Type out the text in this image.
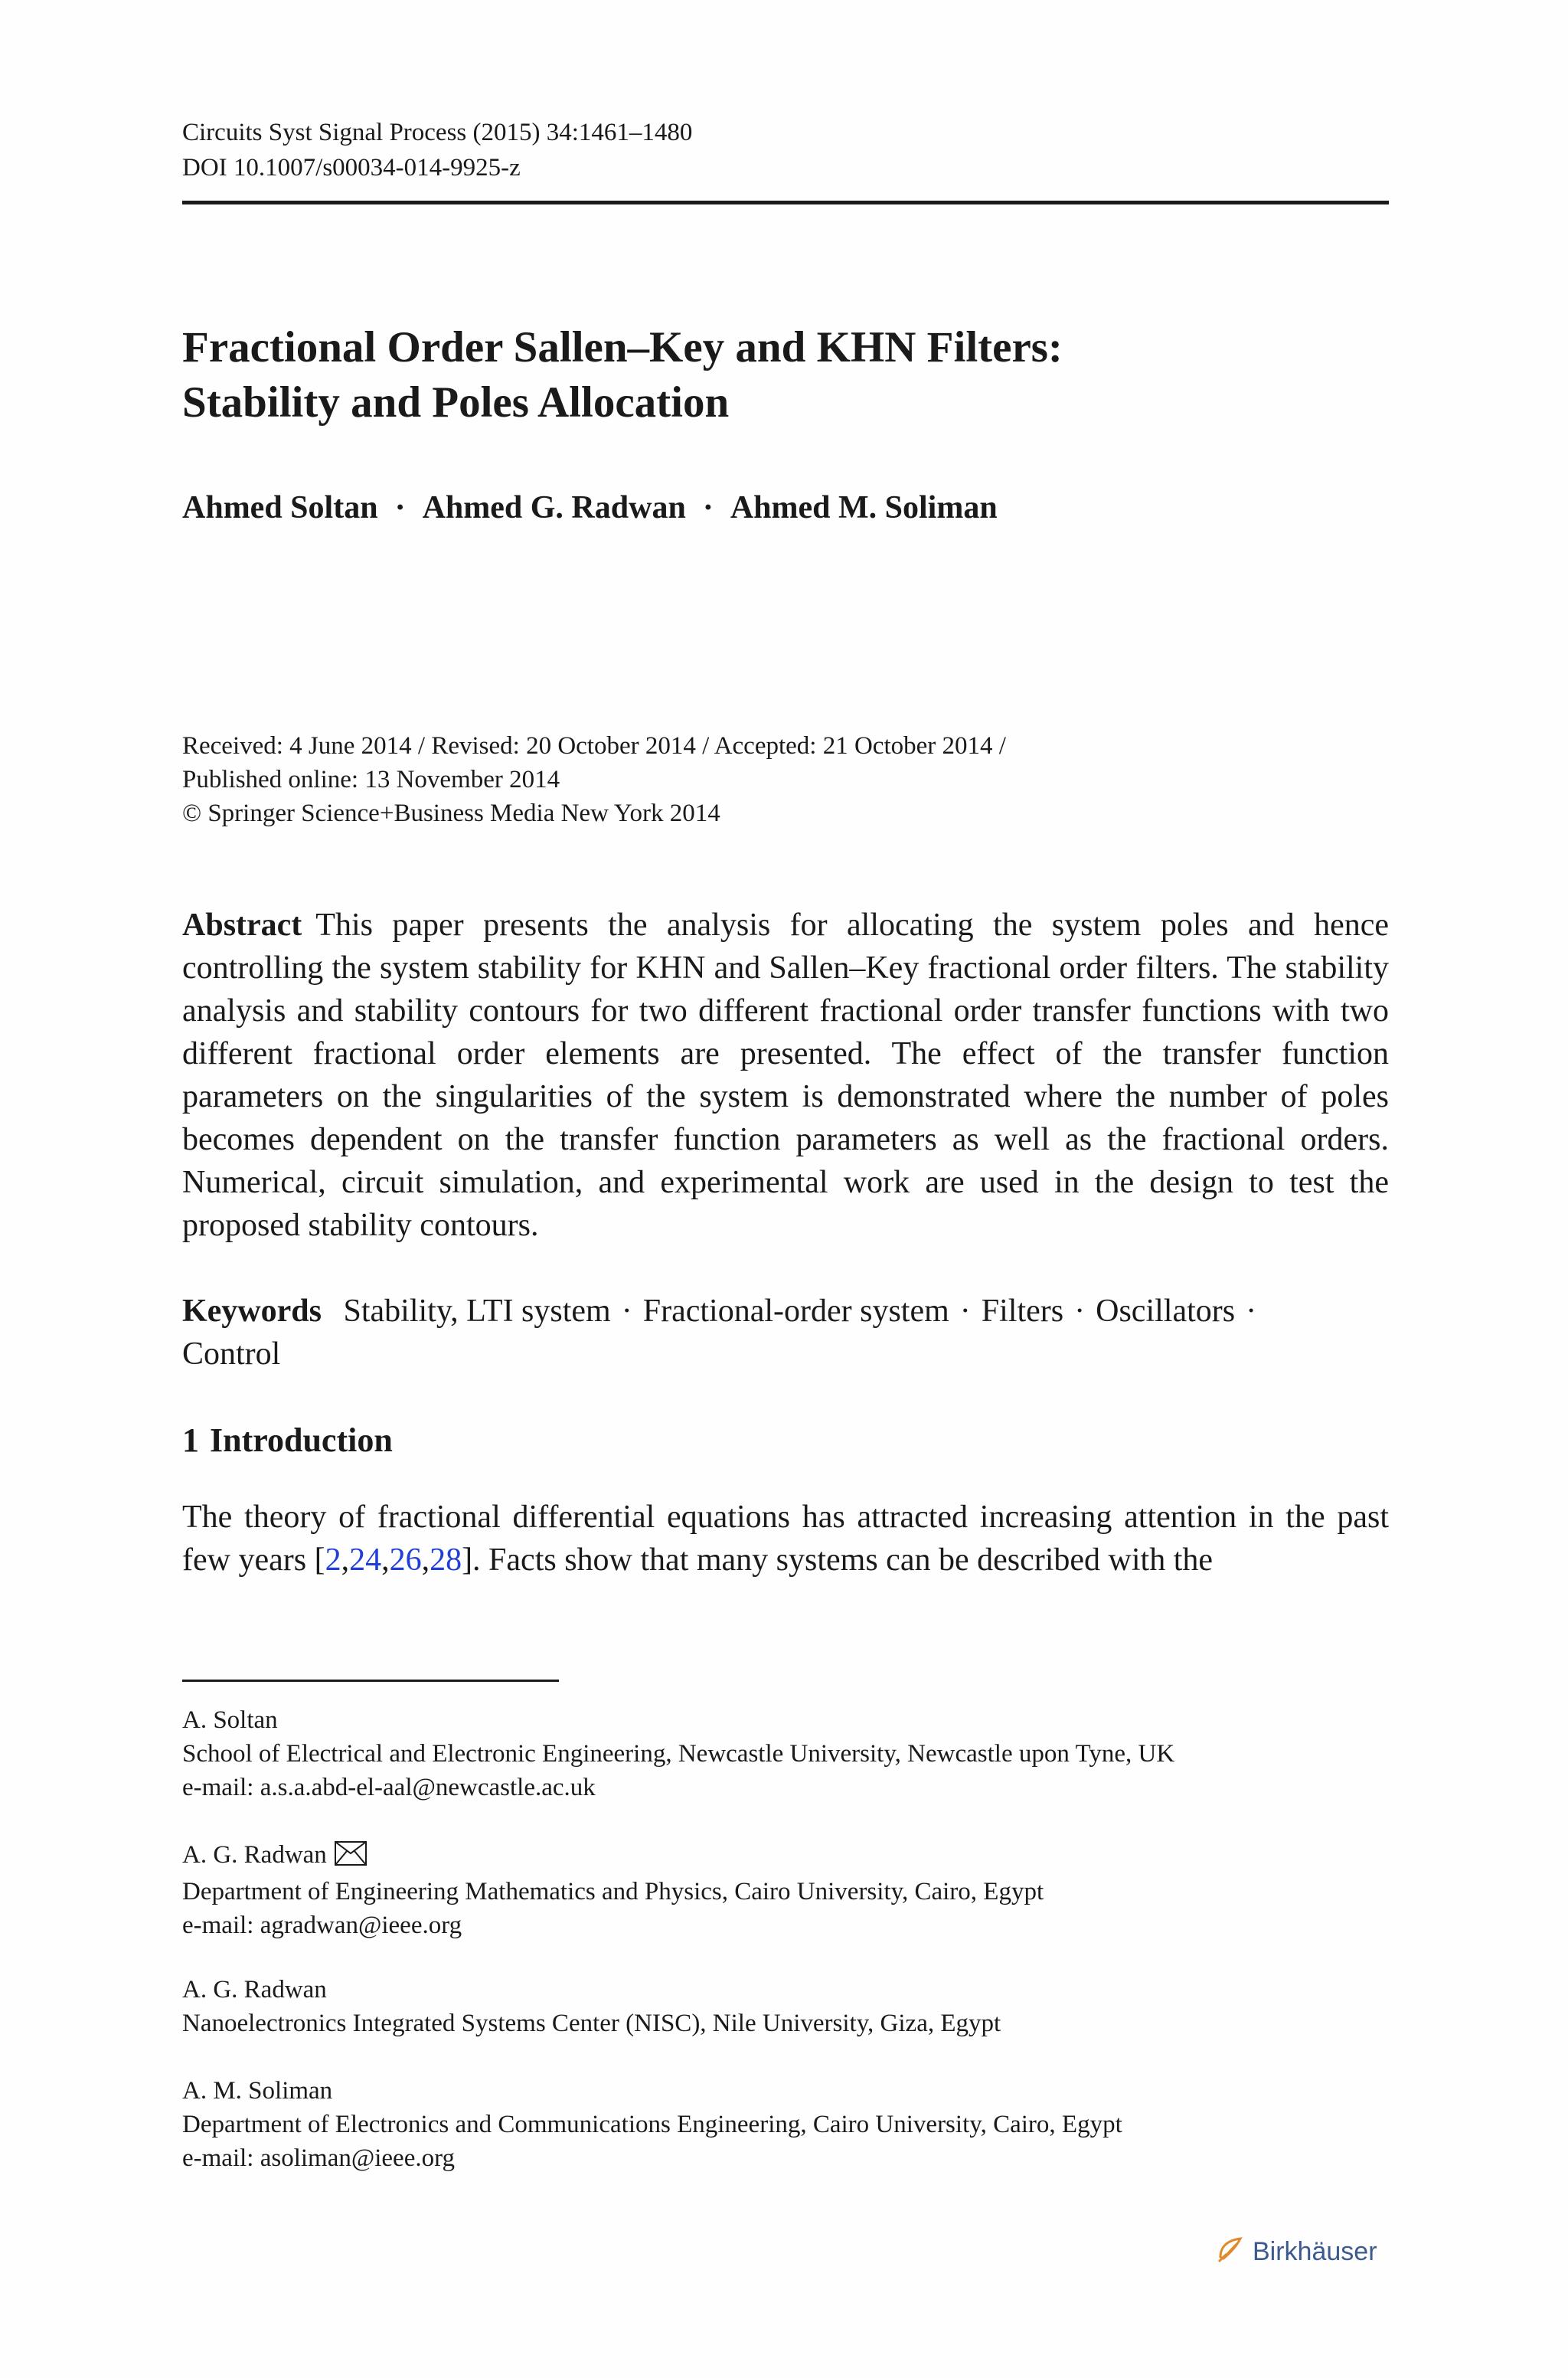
Circuits Syst Signal Process (2015) 34:1461–1480
DOI 10.1007/s00034-014-9925-z
Fractional Order Sallen–Key and KHN Filters:
Stability and Poles Allocation
Ahmed Soltan · Ahmed G. Radwan · Ahmed M. Soliman
Received: 4 June 2014 / Revised: 20 October 2014 / Accepted: 21 October 2014 /
Published online: 13 November 2014
© Springer Science+Business Media New York 2014
Abstract This paper presents the analysis for allocating the system poles and hence controlling the system stability for KHN and Sallen–Key fractional order filters. The stability analysis and stability contours for two different fractional order transfer functions with two different fractional order elements are presented. The effect of the transfer function parameters on the singularities of the system is demonstrated where the number of poles becomes dependent on the transfer function parameters as well as the fractional orders. Numerical, circuit simulation, and experimental work are used in the design to test the proposed stability contours.
Keywords Stability, LTI system · Fractional-order system · Filters · Oscillators ·
Control
1 Introduction
The theory of fractional differential equations has attracted increasing attention in the past few years [2,24,26,28]. Facts show that many systems can be described with the
A. Soltan
School of Electrical and Electronic Engineering, Newcastle University, Newcastle upon Tyne, UK
e-mail: a.s.a.abd-el-aal@newcastle.ac.uk
A. G. Radwan
Department of Engineering Mathematics and Physics, Cairo University, Cairo, Egypt
e-mail: agradwan@ieee.org
A. G. Radwan
Nanoelectronics Integrated Systems Center (NISC), Nile University, Giza, Egypt
A. M. Soliman
Department of Electronics and Communications Engineering, Cairo University, Cairo, Egypt
e-mail: asoliman@ieee.org
Birkhäuser
